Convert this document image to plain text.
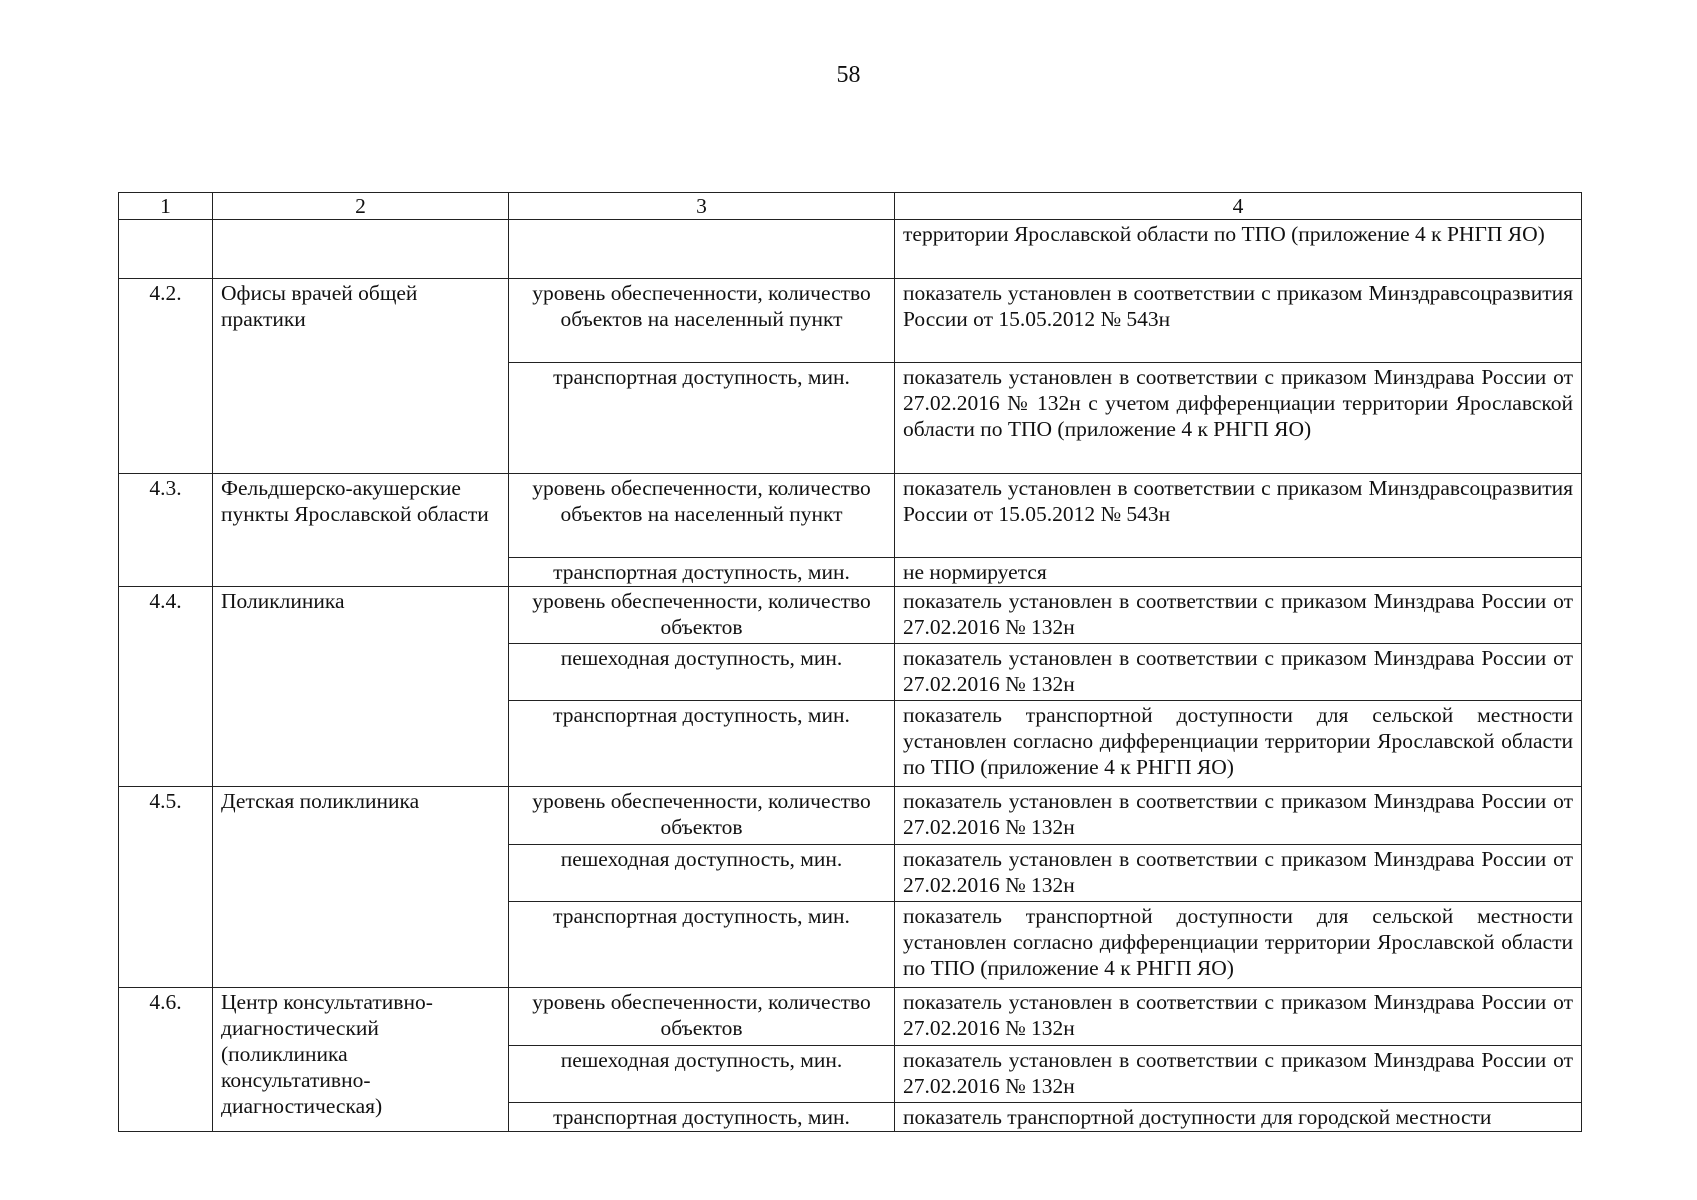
58
1	2	3	4
			территории Ярославской области по ТПО (приложение 4 к РНГП ЯО)
4.2.	Офисы врачей общей практики	уровень обеспеченности, количество объектов на населенный пункт	показатель установлен в соответствии с приказом Минздравсоцразвития России от 15.05.2012 № 543н
		транспортная доступность, мин.	показатель установлен в соответствии с приказом Минздрава России от 27.02.2016 № 132н с учетом дифференциации территории Ярославской области по ТПО (приложение 4 к РНГП ЯО)
4.3.	Фельдшерско-акушерские пункты Ярославской области	уровень обеспеченности, количество объектов на населенный пункт	показатель установлен в соответствии с приказом Минздравсоцразвития России от 15.05.2012 № 543н
		транспортная доступность, мин.	не нормируется
4.4.	Поликлиника	уровень обеспеченности, количество объектов	показатель установлен в соответствии с приказом Минздрава России от 27.02.2016 № 132н
		пешеходная доступность, мин.	показатель установлен в соответствии с приказом Минздрава России от 27.02.2016 № 132н
		транспортная доступность, мин.	показатель транспортной доступности для сельской местности установлен согласно дифференциации территории Ярославской области по ТПО (приложение 4 к РНГП ЯО)
4.5.	Детская поликлиника	уровень обеспеченности, количество объектов	показатель установлен в соответствии с приказом Минздрава России от 27.02.2016 № 132н
		пешеходная доступность, мин.	показатель установлен в соответствии с приказом Минздрава России от 27.02.2016 № 132н
		транспортная доступность, мин.	показатель транспортной доступности для сельской местности установлен согласно дифференциации территории Ярославской области по ТПО (приложение 4 к РНГП ЯО)
4.6.	Центр консультативно-диагностический (поликлиника консультативно-диагностическая)	уровень обеспеченности, количество объектов	показатель установлен в соответствии с приказом Минздрава России от 27.02.2016 № 132н
		пешеходная доступность, мин.	показатель установлен в соответствии с приказом Минздрава России от 27.02.2016 № 132н
		транспортная доступность, мин.	показатель транспортной доступности для городской местности
